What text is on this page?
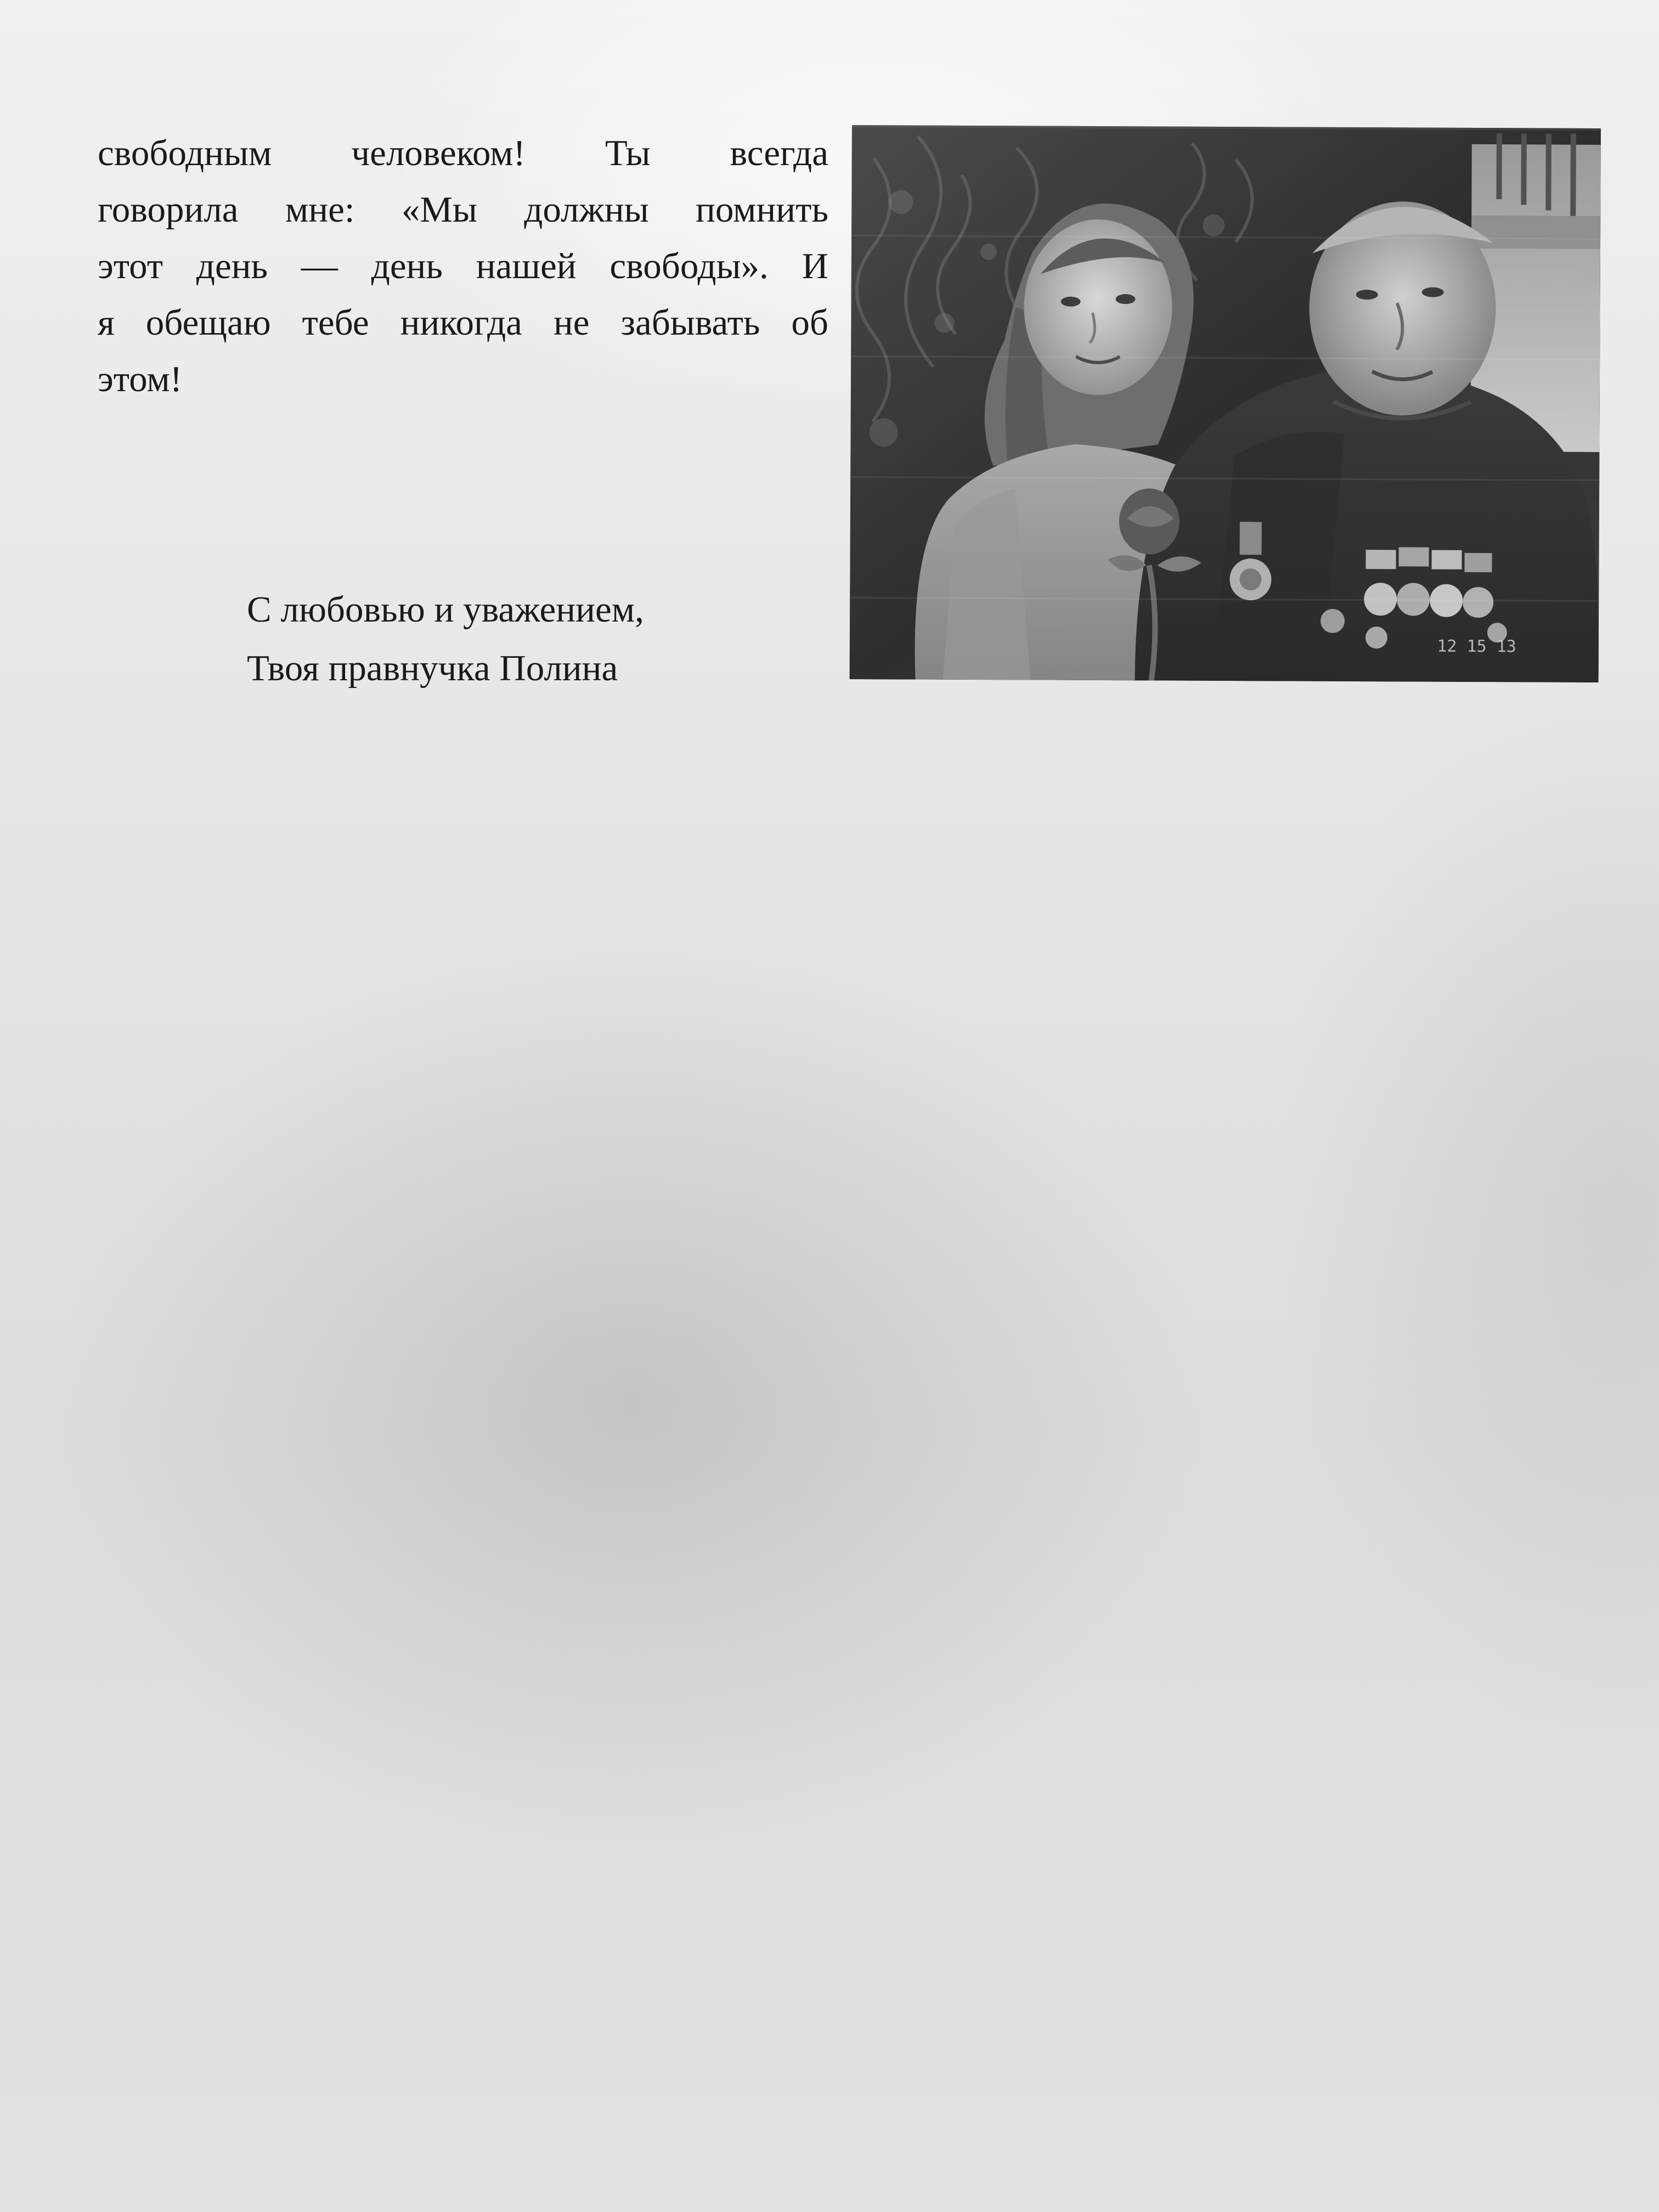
свободным человеком! Ты всегда
говорила мне: «Мы должны помнить
этот день — день нашей свободы». И
я обещаю тебе никогда не забывать об
этом!
С любовью и уважением,
Твоя правнучка Полина
12 15 13
